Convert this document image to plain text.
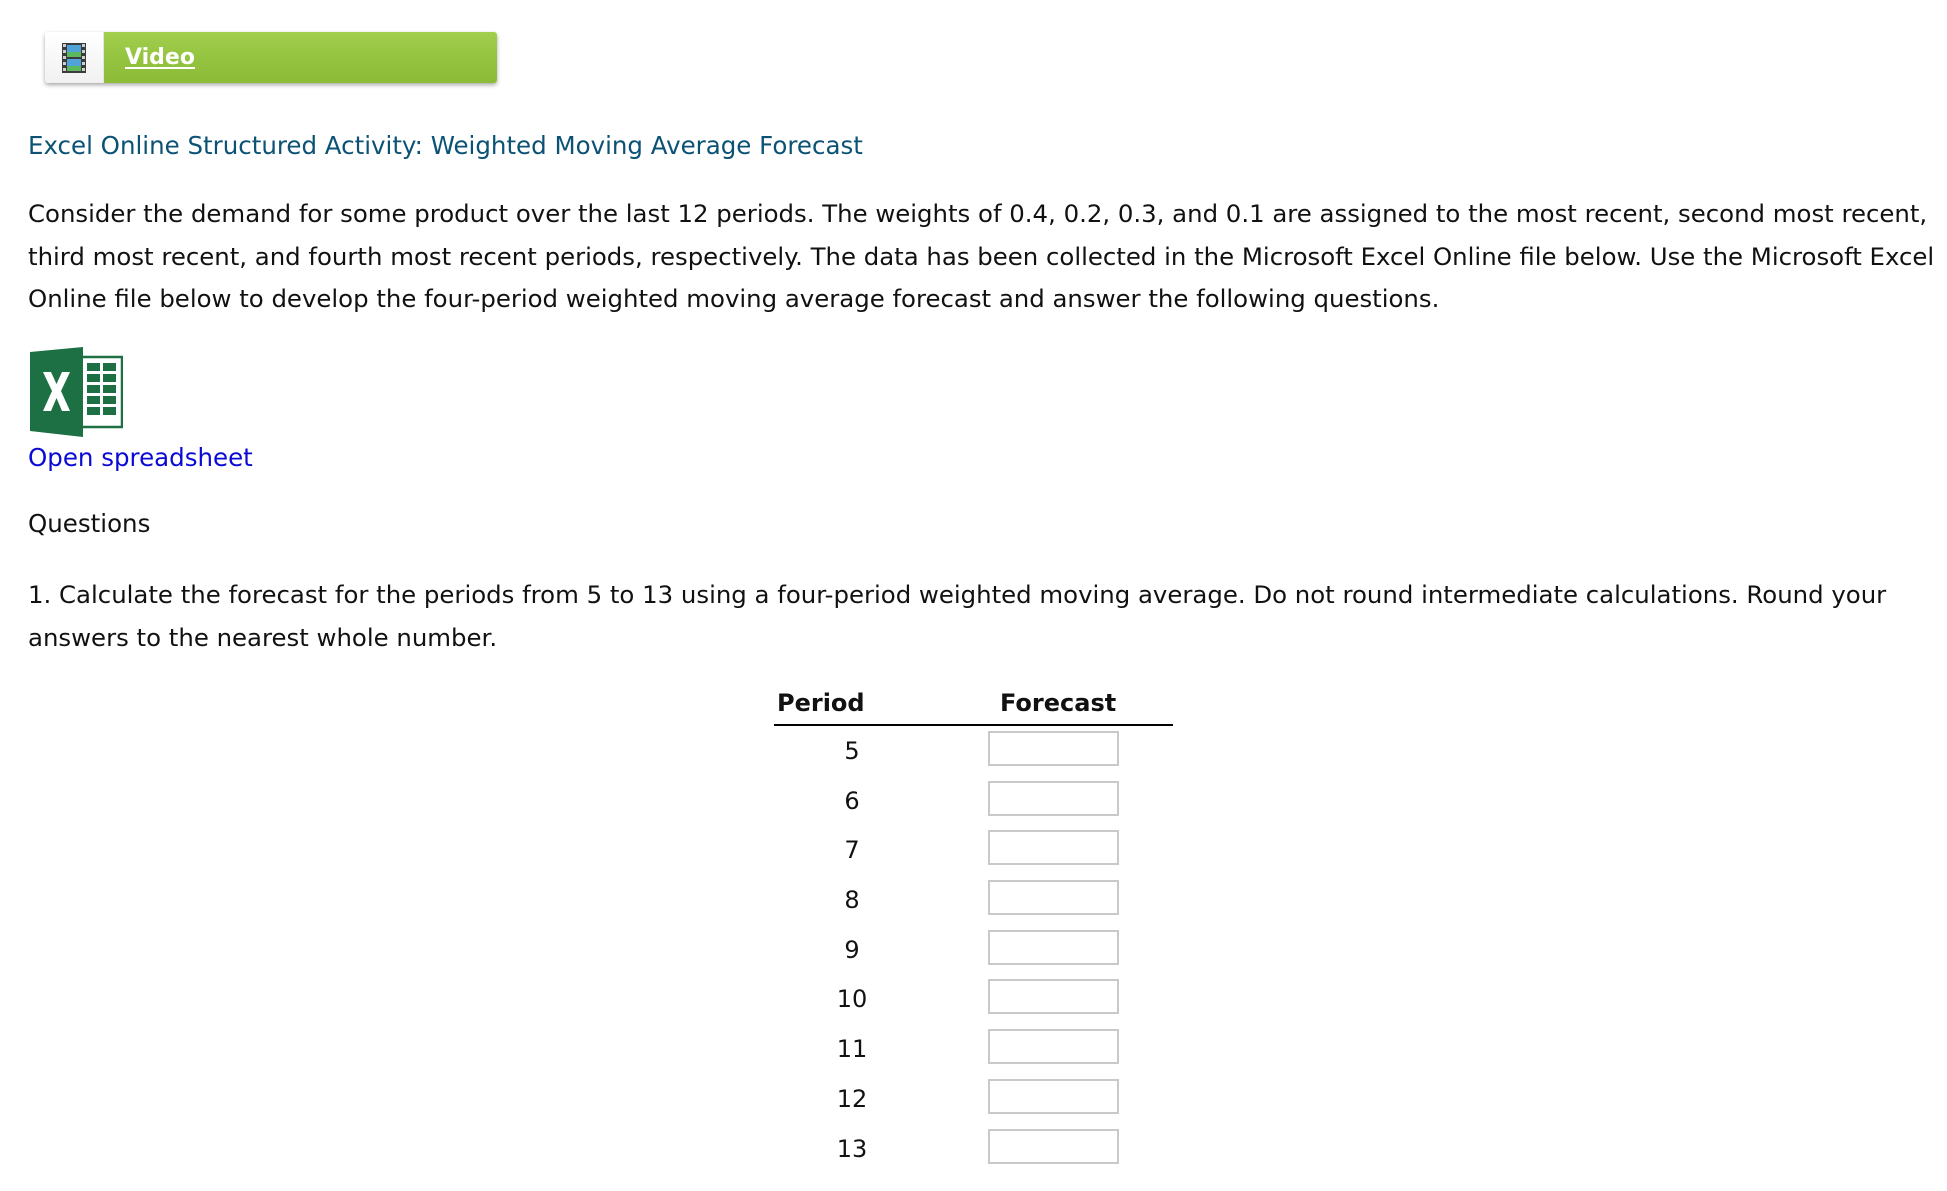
Video
Excel Online Structured Activity: Weighted Moving Average Forecast
Consider the demand for some product over the last 12 periods. The weights of 0.4, 0.2, 0.3, and 0.1 are assigned to the most recent, second most recent,
third most recent, and fourth most recent periods, respectively. The data has been collected in the Microsoft Excel Online file below. Use the Microsoft Excel
Online file below to develop the four-period weighted moving average forecast and answer the following questions.
Open spreadsheet
Questions
1. Calculate the forecast for the periods from 5 to 13 using a four-period weighted moving average. Do not round intermediate calculations. Round your
answers to the nearest whole number.
Period	Forecast
5
6
7
8
9
10
11
12
13
